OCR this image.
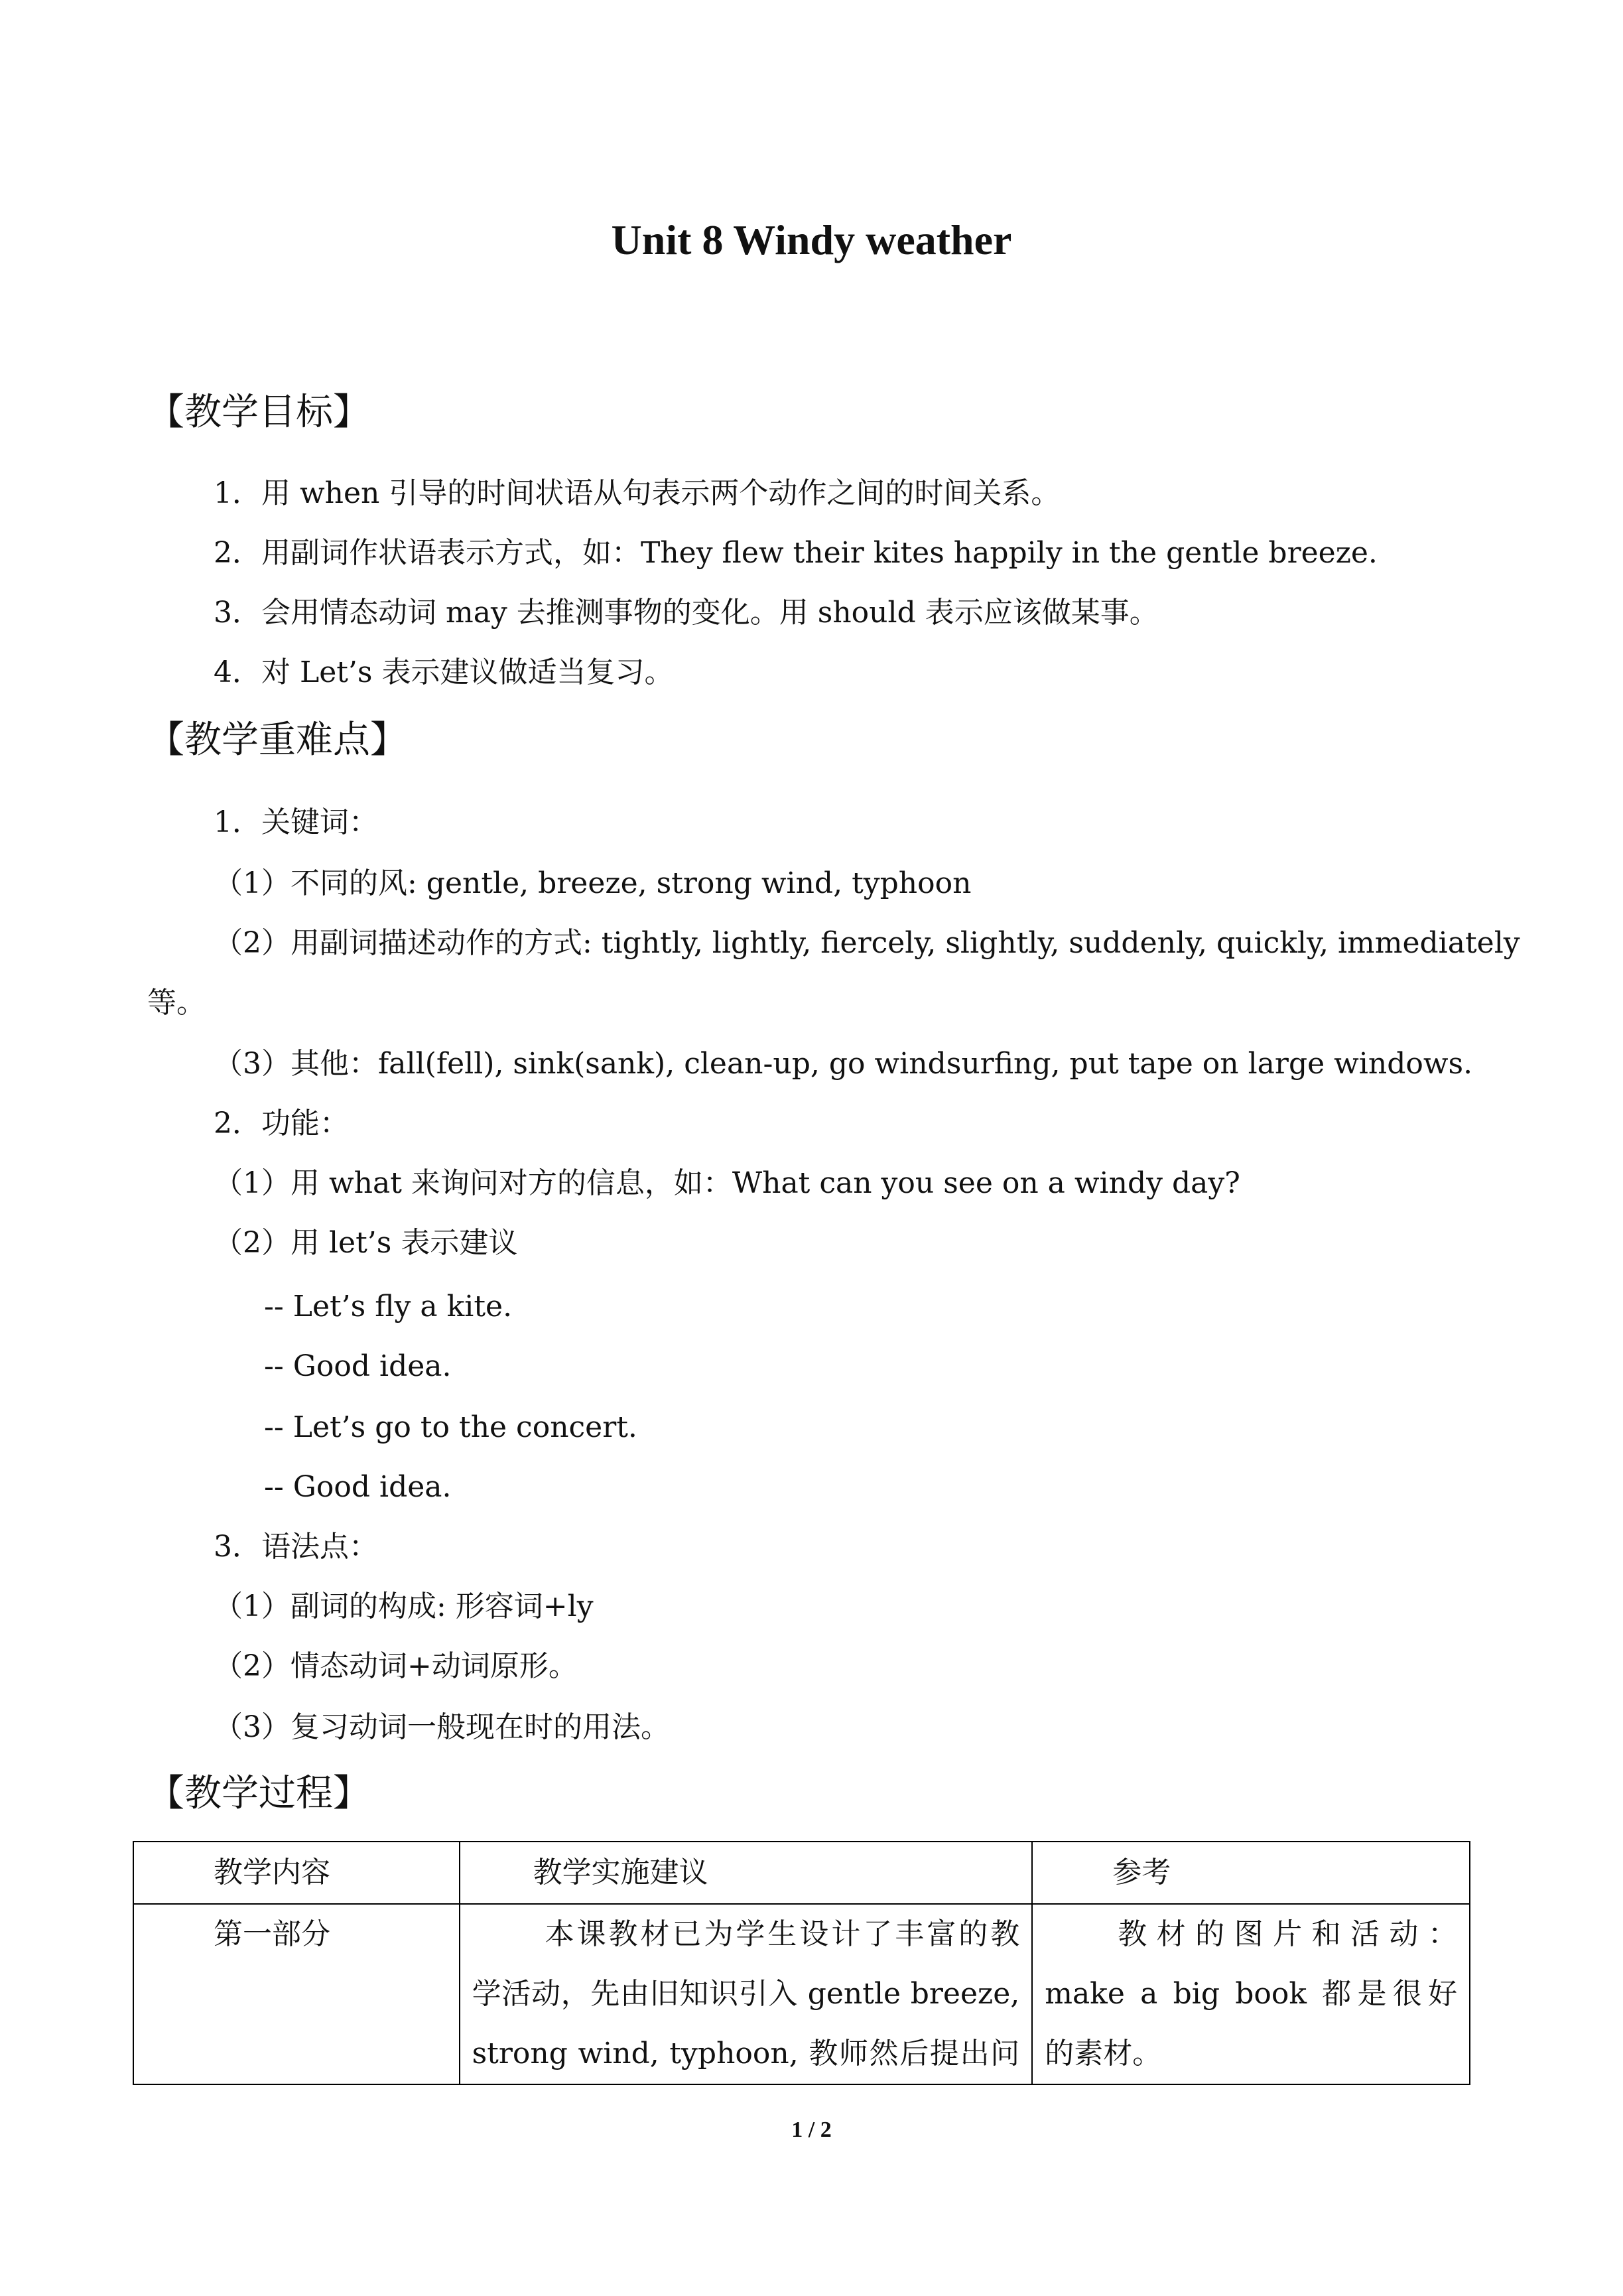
Unit 8 Windy weather
【教学目标】
1．用 when 引导的时间状语从句表示两个动作之间的时间关系。
2．用副词作状语表示方式，如：They flew their kites happily in the gentle breeze.
3．会用情态动词 may 去推测事物的变化。用 should 表示应该做某事。
4．对 Let’s 表示建议做适当复习。
【教学重难点】
1．关键词：
（1）不同的风: gentle, breeze, strong wind, typhoon
（2）用副词描述动作的方式: tightly, lightly, fiercely, slightly, suddenly, quickly, immediately
等。
（3）其他：fall(fell), sink(sank), clean-up, go windsurfing, put tape on large windows.
2．功能：
（1）用 what 来询问对方的信息，如：What can you see on a windy day?
（2）用 let’s 表示建议
-- Let’s fly a kite.
-- Good idea.
-- Let’s go to the concert.
-- Good idea.
3．语法点：
（1）副词的构成: 形容词+ly
（2）情态动词+动词原形。
（3）复习动词一般现在时的用法。
【教学过程】
教学内容	教学实施建议	参考
第一部分	本课教材已为学生设计了丰富的教
学活动，先由旧知识引入 gentle breeze,
strong wind, typhoon, 教师然后提出问	教材的图片和活动：
make a big book 都是很好
的素材。
1 / 2
